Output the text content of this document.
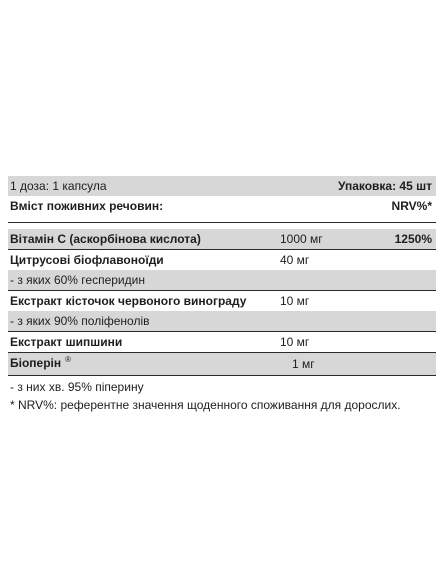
1 доза: 1 капсула	Упаковка: 45 шт
Вміст поживних речовин:	NRV%*
Вітамін С (аскорбінова кислота)	1000 мг	1250%
Цитрусові біофлавоноїди	40 мг
- з яких 60% гесперидин
Екстракт кісточок червоного винограду	10 мг
- з яких 90% поліфенолів
Екстракт шипшини	10 мг
Біоперін ®	1 мг
- з них хв. 95% піперину
* NRV%: референтне значення щоденного споживання для дорослих.
